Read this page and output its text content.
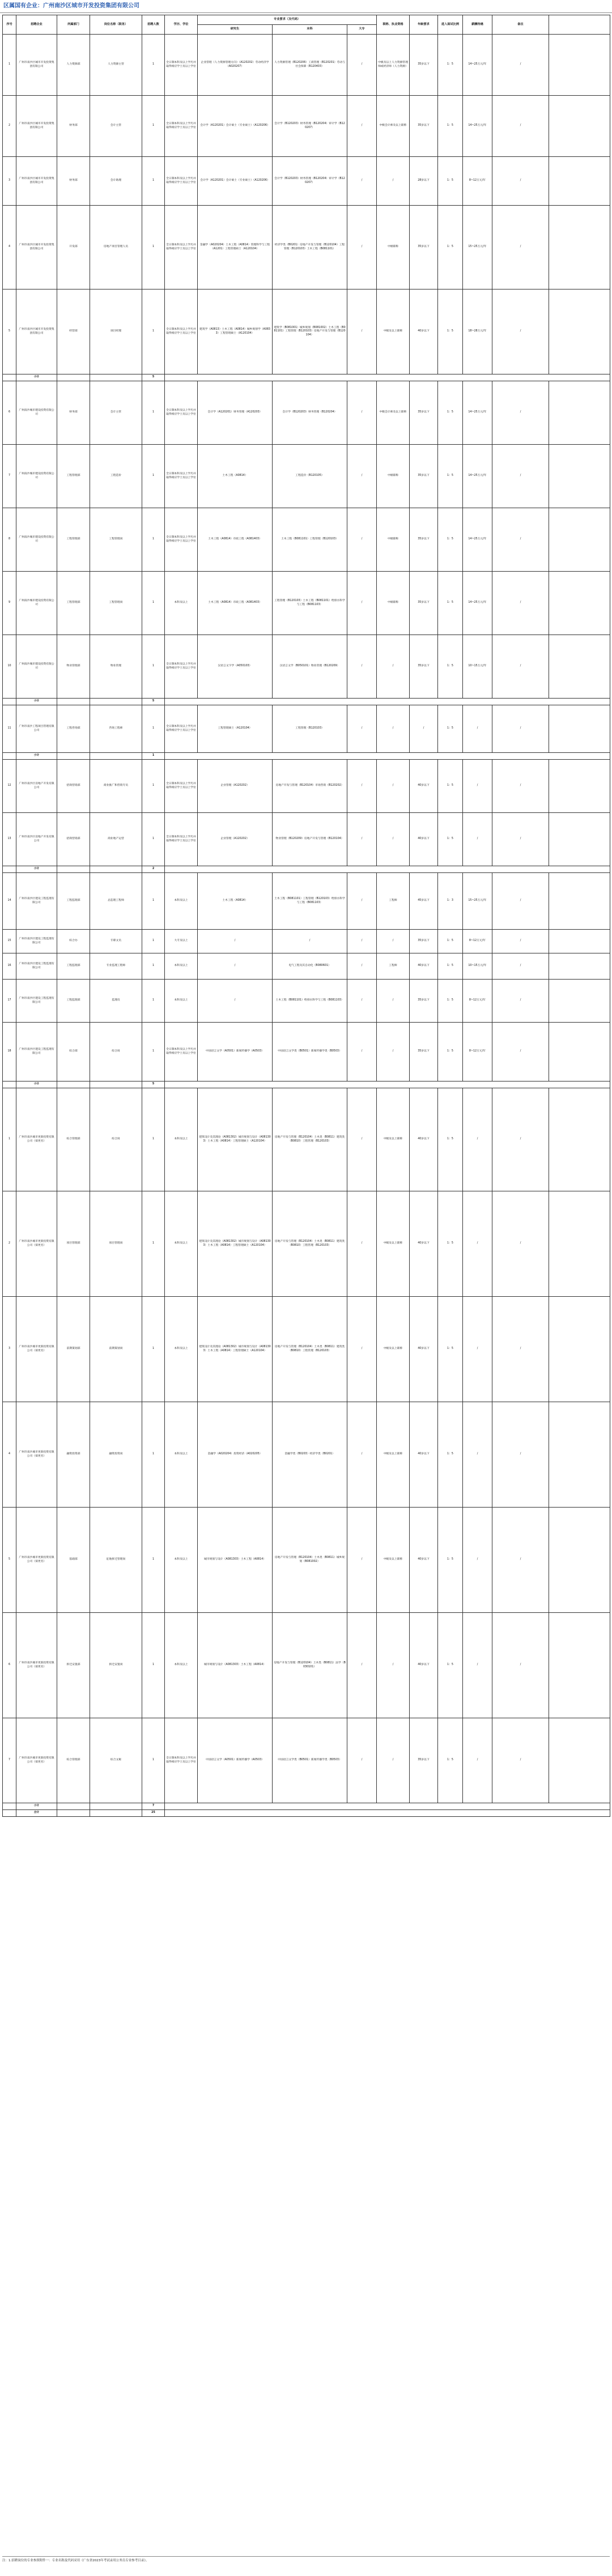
区属国有企业：广州南沙区城市开发投资集团有限公司
序号	招聘企业	所属部门	岗位名称（职务）	招聘人数	学历、学位	专业要求（及代码）			职称、执业资格	年龄要求	进入面试比例	薪酬待遇	备注	
						研究生	本科	大专						
1	广州市南沙区城市开发投资集团有限公司	人力资源部	人力资源主管	1	全日制本科及以上学历并取得相应学士及以上学位	企业管理（人力资源管理方向）（A120202）劳动经济学（A020207）	人力资源管理（B120206）工商管理（B120201）劳动与社会保障（B120403）	/	中级及以上人力资源管理师或经济师（人力资源）	35岁以下	1：5	14~25万元/年	/	
2	广州市南沙区城市开发投资集团有限公司	财务部	会计主管	1	全日制本科及以上学历并取得相应学士及以上学位	会计学（A120201）会计硕士（专业硕士）（A120206）	会计学（B120203）财务管理（B120204）审计学（B120207）	/	中级会计师及以上职称	35岁以下	1：5	14~25万元/年	/	
3	广州市南沙区城市开发投资集团有限公司	财务部	会计助理	1	全日制本科及以上学历并取得相应学士及以上学位	会计学（A120201）会计硕士（专业硕士）（A120206）	会计学（B120203）财务管理（B120204）审计学（B120207）	/	/	28岁以下	1：5	8~12万元/年	/	
4	广州市南沙区城市开发投资集团有限公司	开发部	房地产项目管理人员	1	全日制本科及以上学历并取得相应学士及以上学位	金融学（A020204）土木工程（A0814）管理科学与工程（A1201）工程管理硕士（A120104）	经济学类（B0201）房地产开发与管理（B120104）工程管理（B120103）土木工程（B081101）	/	中级职称	35岁以下	1：5	15~25万元/年	/	
5	广州市南沙区城市开发投资集团有限公司	经营部	项目经理	1	全日制本科及以上学历并取得相应学士及以上学位	建筑学（A0813）土木工程（A0814）城乡规划学（A0833）工程管理硕士（A120104）	建筑学（B081001）城乡规划（B081002）土木工程（B081101）工程管理（B120103）房地产开发与管理（B120104）	/	中级及以上职称	40岁以下	1：5	18~28万元/年	/	
	小计			5										
6	广州南沙城市建设投资有限公司	财务部	会计主管	1	全日制本科及以上学历并取得相应学士及以上学位	会计学（A120201）财务管理（A120203）	会计学（B120203）财务管理（B120204）	/	中级会计师及以上职称	35岁以下	1：5	14~25万元/年	/	
7	广州南沙城市建设投资有限公司	工程管理部	工程造价	1	全日制本科及以上学历并取得相应学士及以上学位	土木工程（A0814）	工程造价（B120105）	/	中级职称	35岁以下	1：5	14~25万元/年	/	
8	广州南沙城市建设投资有限公司	工程管理部	工程管理岗	1	全日制本科及以上学历并取得相应学士及以上学位	土木工程（A0814）市政工程（A081403）	土木工程（B081101）工程管理（B120103）	/	中级职称	35岁以下	1：5	14~25万元/年	/	
9	广州南沙城市建设投资有限公司	工程管理部	工程管理岗	1	本科及以上	土木工程（A0814）市政工程（A081403）	工程管理（B120103）土木工程（B081101）给排水科学与工程（B081103）	/	中级职称	35岁以下	1：5	14~25万元/年	/	
10	广州南沙城市建设投资有限公司	物业管理部	物业管理	1	全日制本科及以上学历并取得相应学士及以上学位	汉语言文字学（A050103）	汉语言文学（B050101）物业管理（B120209）	/	/	35岁以下	1：5	10~15万元/年	/	
	小计			5										
11	广州市南沙工程项目管理有限公司	工程咨询部	咨询工程师	1	全日制本科及以上学历并取得相应学士及以上学位	工程管理硕士（A120104）	工程管理（B120103）	/	/	/	1：5	/	/	
	小计			1										
12	广州市南沙区房地产开发有限公司	招商营销部	商业推广和营销专员	1	全日制本科及以上学历并取得相应学士及以上学位	企业管理（A120202）	房地产开发与管理（B120104）市场营销（B120202）	/	/	40岁以下	1：5	/	/	
13	广州市南沙区房地产开发有限公司	招商营销部	商业地产运营	1	全日制本科及以上学历并取得相应学士及以上学位	企业管理（A120202）	物业管理（B120209）房地产开发与管理（B120104）	/	/	40岁以下	1：5	/	/	
	小计			2										
14	广州市南沙区建设工程监理有限公司	工程监理部	总监理工程师	1	本科及以上	土木工程（A0814）	土木工程（B081101）工程管理（B120103）给排水科学与工程（B081103）	/	工程师	45岁以下	1：3	15~25万元/年	/	
15	广州市南沙区建设工程监理有限公司	综合办	专职文员	1	大专及以上	/	/	/	/	35岁以下	1：5	8~12万元/年	/	
16	广州市南沙区建设工程监理有限公司	工程监理部	专业监理工程师	1	本科及以上	/	电气工程及其自动化（B080601）	/	工程师	40岁以下	1：5	10~15万元/年	/	
17	广州市南沙区建设工程监理有限公司	工程监理部	监理员	1	本科及以上	/	土木工程（B081101）给排水科学与工程（B081103）	/	/	35岁以下	1：5	8~12万元/年	/	
18	广州市南沙区建设工程监理有限公司	综合部	综合岗	1	全日制本科及以上学历并取得相应学士及以上学位	中国语言文学（A0501）新闻传播学（A0503）	中国语言文学类（B0501）新闻传播学类（B0503）	/	/	35岁以下	1：5	8~12万元/年	/	
	小计			5										
1	广州市南沙城市更新投资有限公司（拟更名）	综合管理部	综合岗	1	本科及以上	建筑设计及其理论（A081302）城市规划与设计（A081303）土木工程（A0814）工程管理硕士（A120104）	房地产开发与管理（B120104）土木类（B0811）建筑类（B0810）工程管理（B120103）	/	中级及以上职称	40岁以下	1：5	/	/	
2	广州市南沙城市更新投资有限公司（拟更名）	项目管理部	项目管理岗	1	本科及以上	建筑设计及其理论（A081302）城市规划与设计（A081303）土木工程（A0814）工程管理硕士（A120104）	房地产开发与管理（B120104）土木类（B0811）建筑类（B0810）工程管理（B120103）	/	中级及以上职称	40岁以下	1：5	/	/	
3	广州市南沙城市更新投资有限公司（拟更名）	前期策划部	前期策划岗	1	本科及以上	建筑设计及其理论（A081302）城市规划与设计（A081303）土木工程（A0814）工程管理硕士（A120104）	房地产开发与管理（B120104）土木类（B0811）建筑类（B0810）工程管理（B120103）	/	中级及以上职称	40岁以下	1：5	/	/	
4	广州市南沙城市更新投资有限公司（拟更名）	融资投资部	融资投资岗	1	本科及以上	金融学（A020204）投资经济（A020205）	金融学类（B0203）经济学类（B0201）	/	中级及以上职称	40岁以下	1：5	/	/	
5	广州市南沙城市更新投资有限公司（拟更名）	基础部	征地拆迁管理岗	1	本科及以上	城市规划与设计（A081303）土木工程（A0814）	房地产开发与管理（B120104）土木类（B0811）城乡规划（B081002）	/	中级及以上职称	40岁以下	1：5	/	/	
6	广州市南沙城市更新投资有限公司（拟更名）	拆迁安置部	拆迁安置岗	1	本科及以上	城市规划与设计（A081303）土木工程（A0814）	房地产开发与管理（B120104）土木类（B0811）法学（B030101）	/	/	40岁以下	1：5	/	/	
7	广州市南沙城市更新投资有限公司（拟更名）	综合管理部	综合文秘	1	全日制本科及以上学历并取得相应学士及以上学位	中国语言文学（A0501）新闻传播学（A0503）	中国语言文学类（B0501）新闻传播学类（B0503）	/	/	35岁以下	1：5	/	/	
	小计			7										
	合计			25										
注：1.招聘岗位的专业参照附件一：专业名称及代码采用《广东省2023年考试录用公务员专业参考目录》。
